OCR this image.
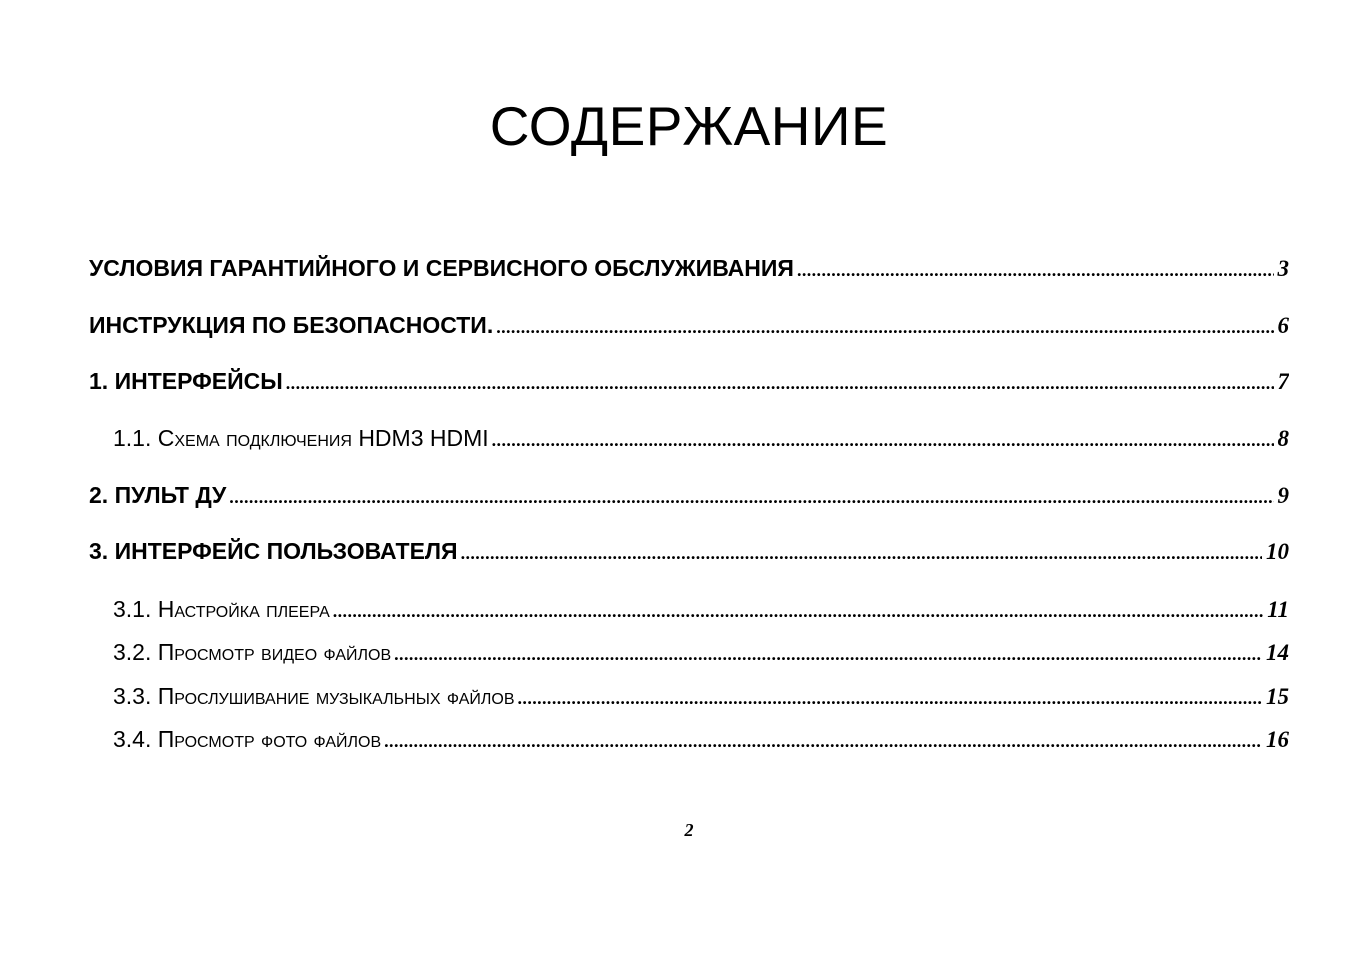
СОДЕРЖАНИЕ
УСЛОВИЯ ГАРАНТИЙНОГО И СЕРВИСНОГО ОБСЛУЖИВАНИЯ .....	3
ИНСТРУКЦИЯ ПО БЕЗОПАСНОСТИ. .....	6
1. ИНТЕРФЕЙСЫ .....	7
1.1. Схема подключения HDM3 HDMI .....	8
2. ПУЛЬТ ДУ .....	9
3. ИНТЕРФЕЙС ПОЛЬЗОВАТЕЛЯ .....	10
3.1. Настройка плеера .....	11
3.2. Просмотр видео файлов .....	14
3.3. Прослушивание музыкальных файлов .....	15
3.4. Просмотр фото файлов .....	16
2
